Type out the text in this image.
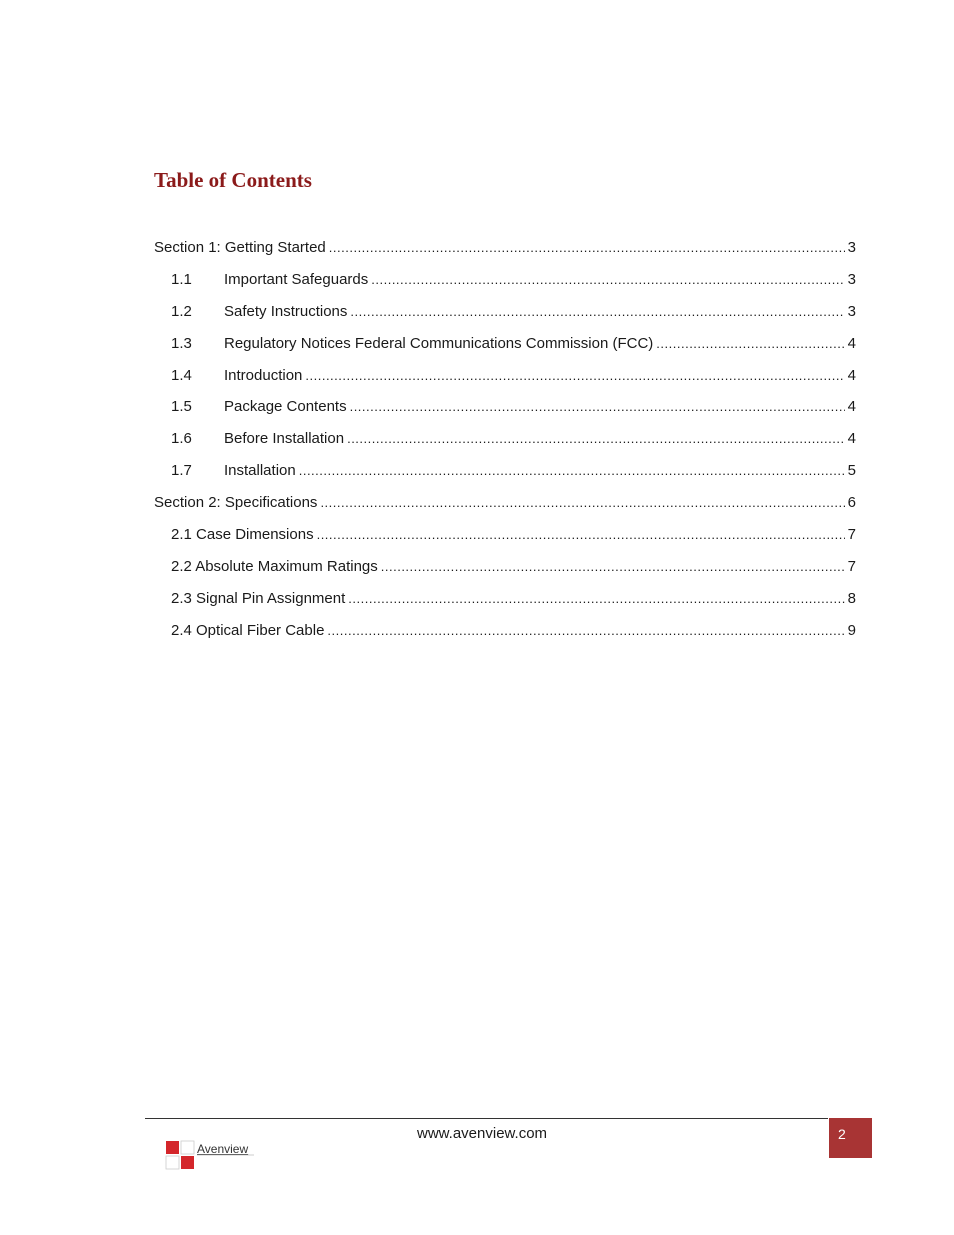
Table of Contents
Section 1: Getting Started .....	3
1.1	Important Safeguards .....	3
1.2	Safety Instructions .....	3
1.3	Regulatory Notices Federal Communications Commission (FCC) .....	4
1.4	Introduction .....	4
1.5	Package Contents .....	4
1.6	Before Installation .....	4
1.7	Installation .....	5
Section 2: Specifications .....	6
2.1 Case Dimensions .....	7
2.2 Absolute Maximum Ratings .....	7
2.3 Signal Pin Assignment .....	8
2.4 Optical Fiber Cable .....	9
www.avenview.com	2
Avenview
